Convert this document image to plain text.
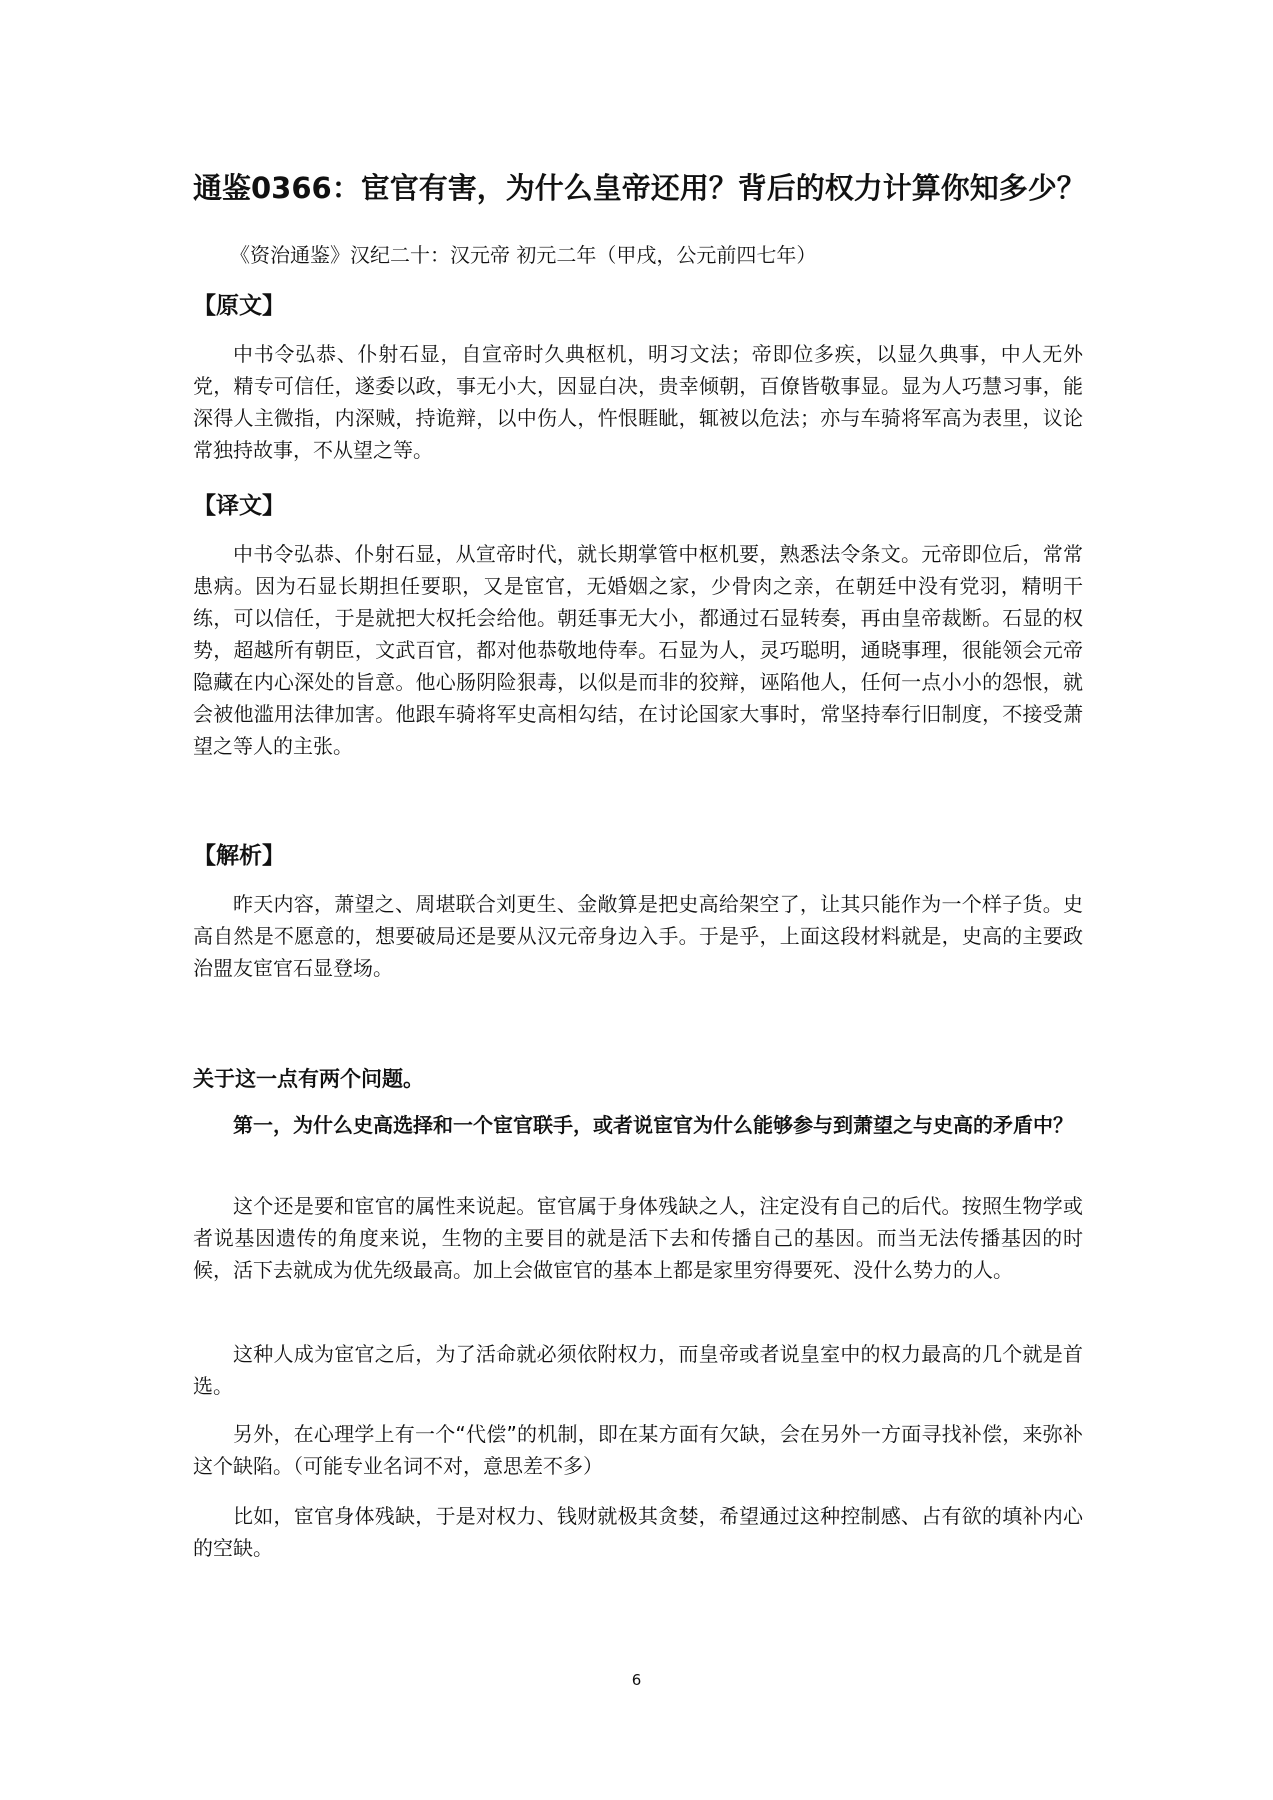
通鉴0366：宦官有害，为什么皇帝还用？背后的权力计算你知多少？
《资治通鉴》汉纪二十：汉元帝 初元二年（甲戌，公元前四七年）
【原文】

中书令弘恭、仆射石显，自宣帝时久典枢机，明习文法；帝即位多疾，以显久典事，中人无外党，精专可信任，遂委以政，事无小大，因显白决，贵幸倾朝，百僚皆敬事显。显为人巧慧习事，能深得人主微指，内深贼，持诡辩，以中伤人，忤恨睚眦，辄被以危法；亦与车骑将军高为表里，议论常独持故事，不从望之等。

【译文】

中书令弘恭、仆射石显，从宣帝时代，就长期掌管中枢机要，熟悉法令条文。元帝即位后，常常患病。因为石显长期担任要职，又是宦官，无婚姻之家，少骨肉之亲，在朝廷中没有党羽，精明干练，可以信任，于是就把大权托会给他。朝廷事无大小，都通过石显转奏，再由皇帝裁断。石显的权势，超越所有朝臣，文武百官，都对他恭敬地侍奉。石显为人，灵巧聪明，通晓事理，很能领会元帝隐藏在内心深处的旨意。他心肠阴险狠毒，以似是而非的狡辩，诬陷他人，任何一点小小的怨恨，就会被他滥用法律加害。他跟车骑将军史高相勾结，在讨论国家大事时，常坚持奉行旧制度，不接受萧望之等人的主张。

【解析】

昨天内容，萧望之、周堪联合刘更生、金敞算是把史高给架空了，让其只能作为一个样子货。史高自然是不愿意的，想要破局还是要从汉元帝身边入手。于是乎，上面这段材料就是，史高的主要政治盟友宦官石显登场。

关于这一点有两个问题。

第一，为什么史高选择和一个宦官联手，或者说宦官为什么能够参与到萧望之与史高的矛盾中？

这个还是要和宦官的属性来说起。宦官属于身体残缺之人，注定没有自己的后代。按照生物学或者说基因遗传的角度来说，生物的主要目的就是活下去和传播自己的基因。而当无法传播基因的时候，活下去就成为优先级最高。加上会做宦官的基本上都是家里穷得要死、没什么势力的人。

这种人成为宦官之后，为了活命就必须依附权力，而皇帝或者说皇室中的权力最高的几个就是首选。

另外，在心理学上有一个“代偿”的机制，即在某方面有欠缺，会在另外一方面寻找补偿，来弥补这个缺陷。（可能专业名词不对，意思差不多）

比如，宦官身体残缺，于是对权力、钱财就极其贪婪，希望通过这种控制感、占有欲的填补内心的空缺。

6
